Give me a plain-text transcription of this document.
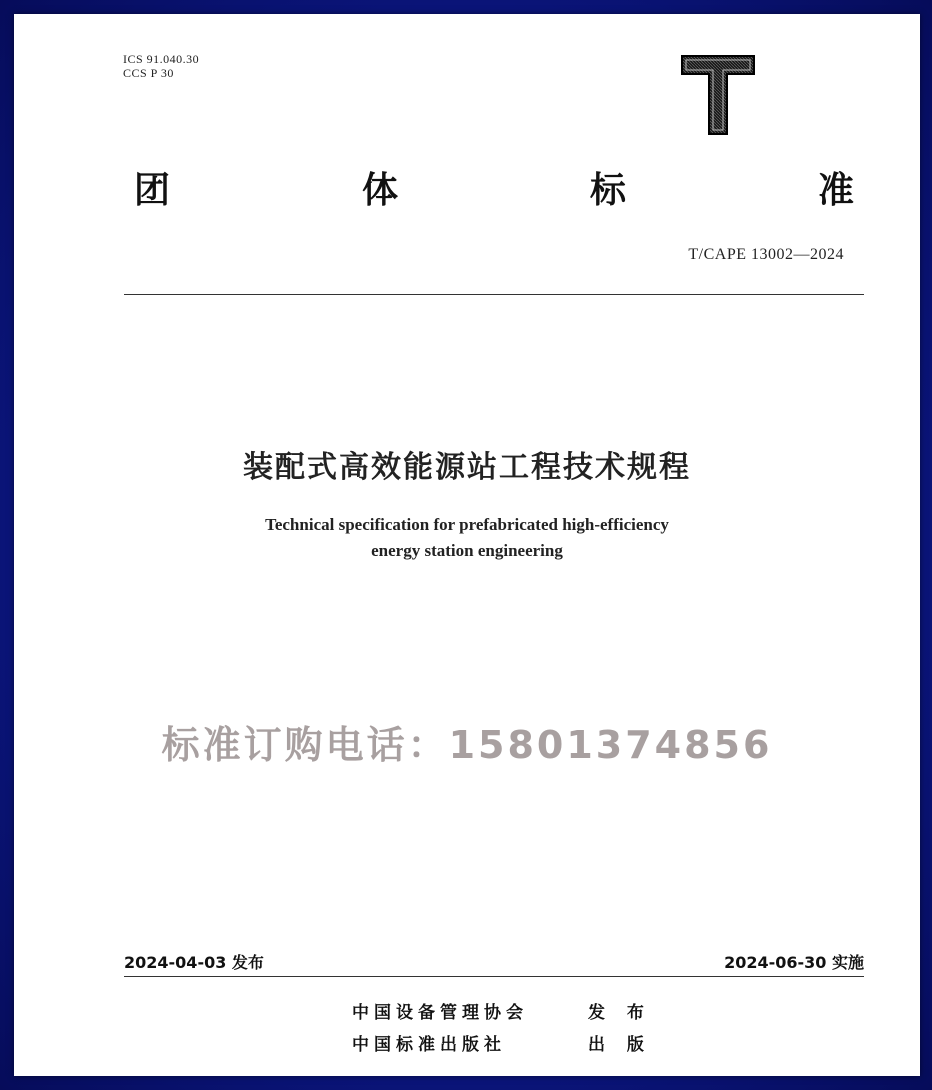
ICS 91.040.30
CCS P 30
团	体	标	准
T/CAPE 13002—2024
装配式高效能源站工程技术规程
Technical specification for prefabricated high-efficiency
energy station engineering
标准订购电话：15801374856
2024-04-03 发布	2024-06-30 实施
中国设备管理协会	发 布
中国标准出版社	出 版
